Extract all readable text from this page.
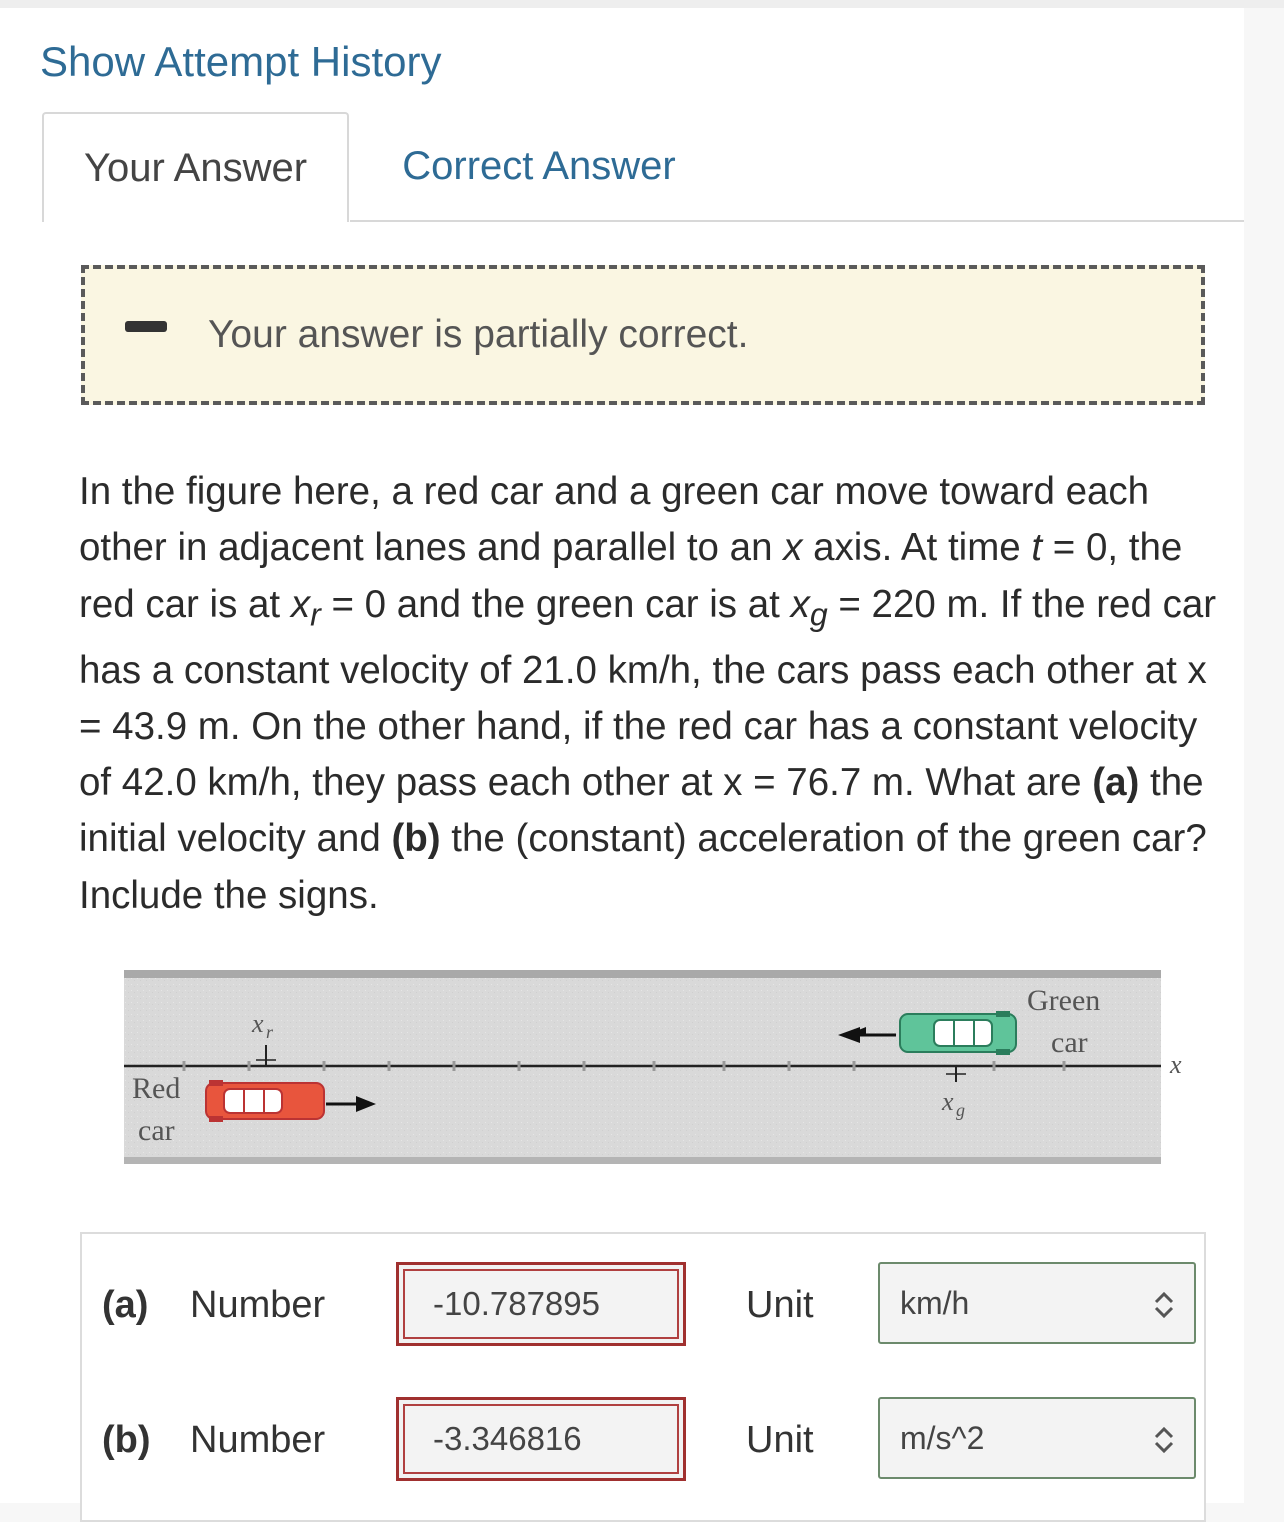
Show Attempt History
Your Answer Correct Answer
Your answer is partially correct.
In the figure here, a red car and a green car move toward each other in adjacent lanes and parallel to an x axis. At time t = 0, the red car is at $x_r = 0$ and the green car is at $x_g = 220$ m. If the red car has a constant velocity of 21.0 km/h, the cars pass each other at x = 43.9 m. On the other hand, if the red car has a constant velocity of 42.0 km/h, they pass each other at x = 76.7 m. What are (a) the initial velocity and (b) the (constant) acceleration of the green car? Include the signs.
Red
car
x r
Green
car
x g
x
(a) Number	-10.787895	Unit	km/h
(b) Number	-3.346816	Unit	m/s^2
